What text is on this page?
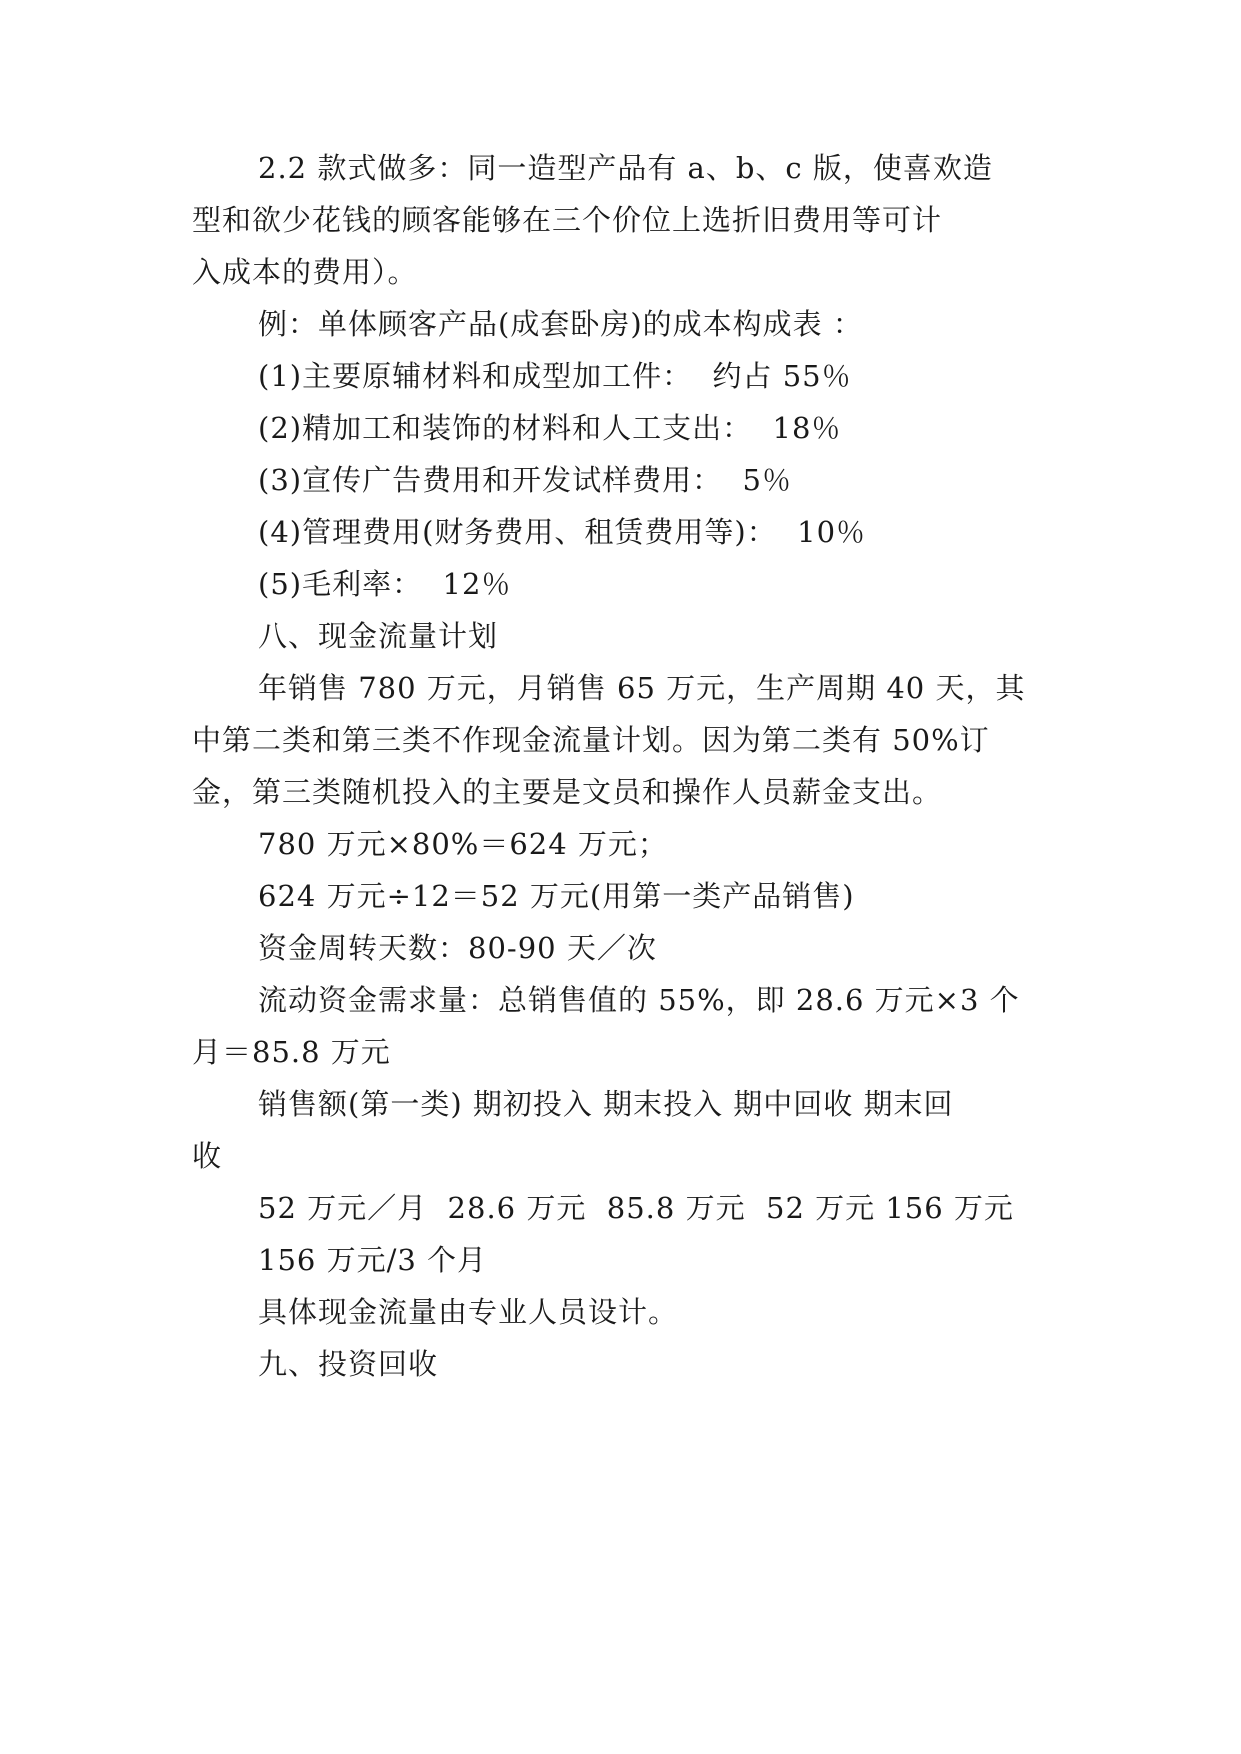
2.2 款式做多：同一造型产品有 a、b、c 版，使喜欢造
型和欲少花钱的顾客能够在三个价位上选折旧费用等可计
入成本的费用）。
例：单体顾客产品(成套卧房)的成本构成表 ：
(1)主要原辅材料和成型加工件：  约占 55％
(2)精加工和装饰的材料和人工支出：  18％
(3)宣传广告费用和开发试样费用：  5％
(4)管理费用(财务费用、租赁费用等)：  10％
(5)毛利率：  12％
八、现金流量计划
年销售 780 万元，月销售 65 万元，生产周期 40 天，其
中第二类和第三类不作现金流量计划。因为第二类有 50%订
金，第三类随机投入的主要是文员和操作人员薪金支出。
780 万元×80%＝624 万元；
624 万元÷12＝52 万元(用第一类产品销售)
资金周转天数：80-90 天／次
流动资金需求量：总销售值的 55%，即 28.6 万元×3 个
月＝85.8 万元
销售额(第一类) 期初投入 期末投入 期中回收 期末回
收
52 万元／月  28.6 万元  85.8 万元  52 万元 156 万元
156 万元/3 个月
具体现金流量由专业人员设计。
九、投资回收
